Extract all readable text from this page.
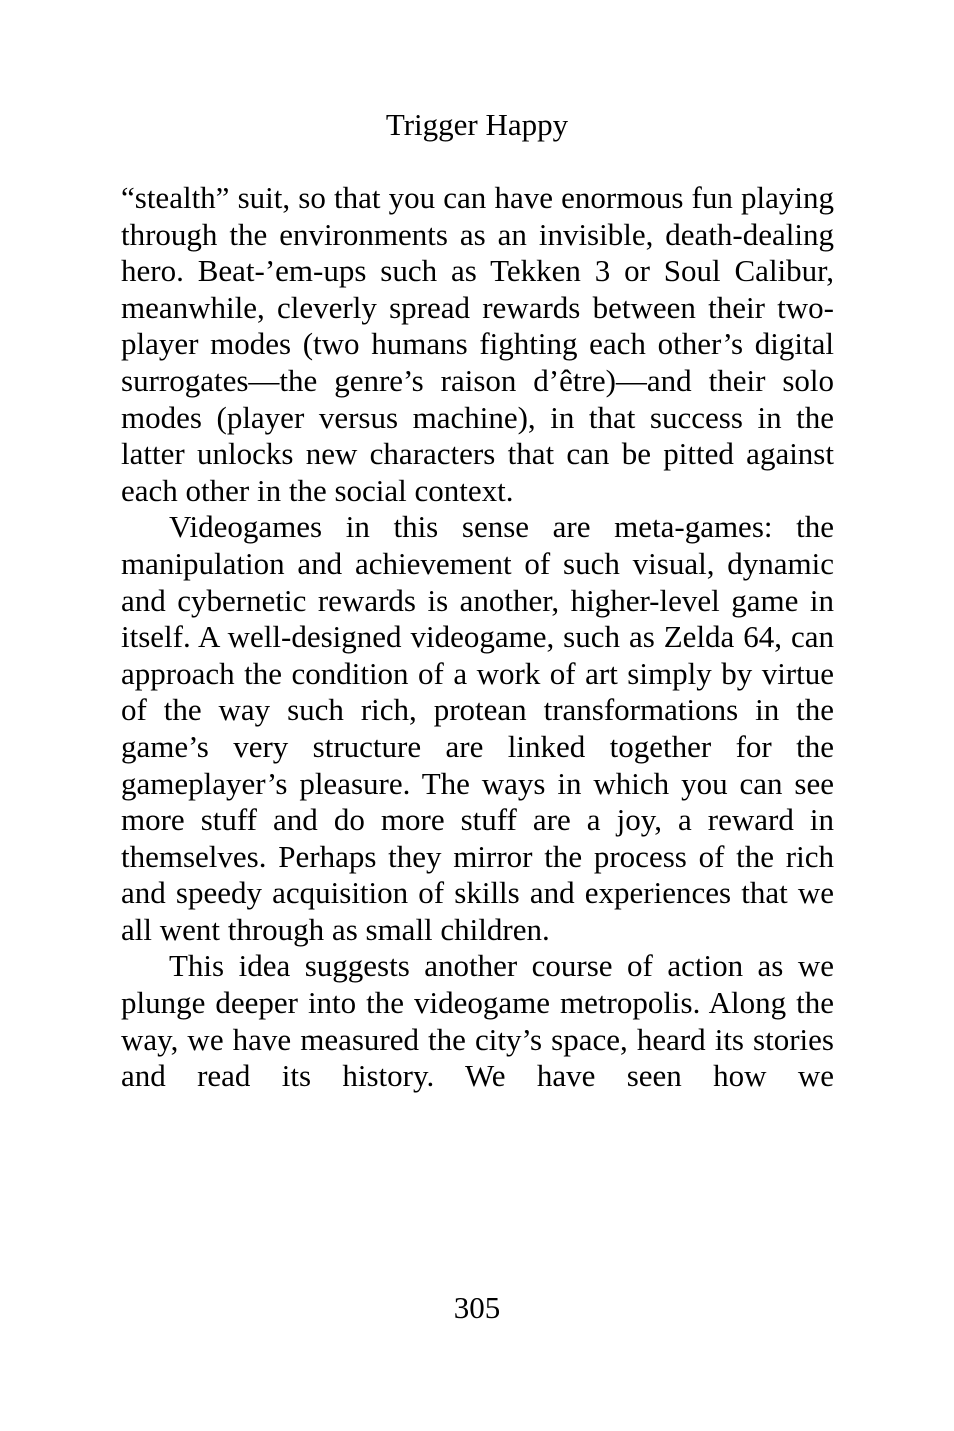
Trigger Happy

“stealth” suit, so that you can have enormous fun playing through the environments as an invisible, death-dealing hero. Beat-’em-ups such as Tekken 3 or Soul Calibur, meanwhile, cleverly spread rewards between their two-player modes (two humans fighting each other’s digital surrogates—the genre’s raison d’être)—and their solo modes (player versus machine), in that success in the latter unlocks new characters that can be pitted against each other in the social context.

Videogames in this sense are meta-games: the manipulation and achievement of such visual, dynamic and cybernetic rewards is another, higher-level game in itself. A well-designed videogame, such as Zelda 64, can approach the condition of a work of art simply by virtue of the way such rich, protean transformations in the game’s very structure are linked together for the gameplayer’s pleasure. The ways in which you can see more stuff and do more stuff are a joy, a reward in themselves. Perhaps they mirror the process of the rich and speedy acquisition of skills and experiences that we all went through as small children.

This idea suggests another course of action as we plunge deeper into the videogame metropolis. Along the way, we have measured the city’s space, heard its stories and read its history. We have seen how we

305
